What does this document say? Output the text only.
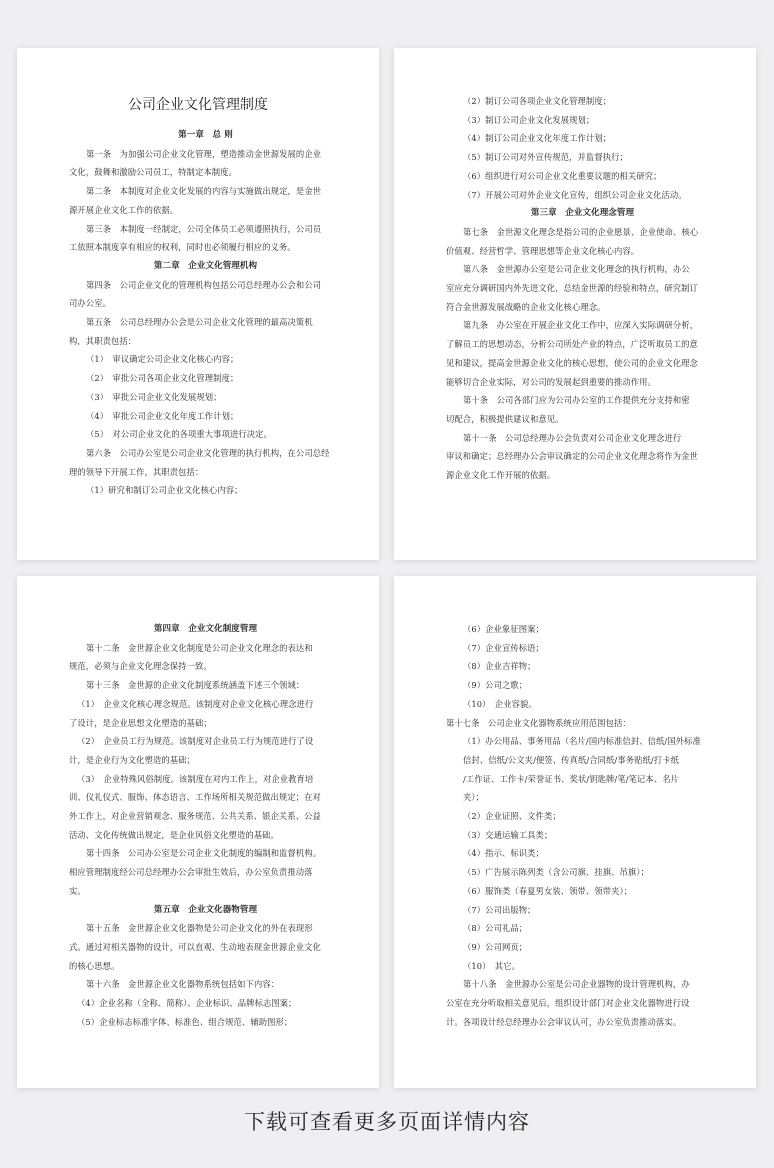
公司企业文化管理制度
第一章　总 则
第一条　为加强公司企业文化管理，塑造推动金世源发展的企业
文化，鼓舞和激励公司员工，特制定本制度。
第二条　本制度对企业文化发展的内容与实施做出规定，是金世
源开展企业文化工作的依据。
第三条　本制度一经制定，公司全体员工必须遵照执行，公司员
工依照本制度享有相应的权利，同时也必须履行相应的义务。
第二章　企业文化管理机构
第四条　公司企业文化的管理机构包括公司总经理办公会和公司
司办公室。
第五条　公司总经理办公会是公司企业文化管理的最高决策机
构，其职责包括：
（1）　审议确定公司企业文化核心内容；
（2）　审批公司各项企业文化管理制度；
（3）　审批公司企业文化发展规划；
（4）　审批公司企业文化年度工作计划；
（5）　对公司企业文化的各项重大事项进行决定。
第六条　公司办公室是公司企业文化管理的执行机构，在公司总经
理的领导下开展工作，其职责包括：
（1）研究和制订公司企业文化核心内容；
（2）制订公司各项企业文化管理制度；
（3）制订公司企业文化发展规划；
（4）制订公司企业文化年度工作计划；
（5）制订公司对外宣传规范，并监督执行；
（6）组织进行对公司企业文化重要议题的相关研究；
（7）开展公司对外企业文化宣传，组织公司企业文化活动。
第三章　企业文化理念管理
第七条　金世源文化理念是指公司的企业愿景、企业使命、核心
价值观、经营哲学、管理思想等企业文化核心内容。
第八条　金世源办公室是公司企业文化理念的执行机构，办公
室应充分调研国内外先进文化，总结金世源的经验和特点，研究制订
符合金世源发展战略的企业文化核心理念。
第九条　办公室在开展企业文化工作中，应深入实际调研分析，
了解员工的思想动态，分析公司所处产业的特点，广泛听取员工的意
见和建议，提高金世源企业文化的核心思想，使公司的企业文化理念
能够切合企业实际，对公司的发展起到重要的推动作用。
第十条　公司各部门应为公司办公室的工作提供充分支持和密
切配合，积极提供建议和意见。
第十一条　公司总经理办公会负责对公司企业文化理念进行
审议和确定；总经理办公会审议确定的公司企业文化理念将作为金世
源企业文化工作开展的依据。
第四章　企业文化制度管理
第十二条　金世源企业文化制度是公司企业文化理念的表达和
规范，必须与企业文化理念保持一致。
第十三条　金世源的企业文化制度系统涵盖下述三个领域：
（1）　企业文化核心理念规范。该制度对企业文化核心理念进行
了设计，是企业思想文化塑造的基础；
（2）　企业员工行为规范。该制度对企业员工行为规范进行了设
计，是企业行为文化塑造的基础；
（3）　企业特殊风俗制度。该制度在对内工作上，对企业教育培
训、仪礼仪式、服饰、体态语言、工作场所相关规范做出规定；在对
外工作上，对企业营销观念、服务规范、公共关系、银企关系、公益
活动、文化传统做出规定，是企业风俗文化塑造的基础。
第十四条　公司办公室是公司企业文化制度的编制和监督机构。
相应管理制度经公司总经理办公会审批生效后，办公室负责推动落
实。
第五章　企业文化器物管理
第十五条　金世源企业文化器物是公司企业文化的外在表现形
式。通过对相关器物的设计，可以直观、生动地表现金世源企业文化
的核心思想。
第十六条　金世源企业文化器物系统包括如下内容：
（4）企业名称（全称、简称）、企业标识、品牌标志图案；
（5）企业标志标准字体、标准色、组合规范、辅助图形；
（6）企业象征图案；
（7）企业宣传标语；
（8）企业吉祥物；
（9）公司之歌；
（10）　企业容貌。
第十七条　公司企业文化器物系统应用范围包括：
（1）办公用品、事务用品（名片/国内标准信封、信纸/国外标准
信封、信纸/公文夹/便签、传真纸/合同纸/事务贴纸/打卡纸
/工作证、工作卡/荣誉证书、奖状/钥匙牌/笔/笔记本、名片
夹）；
（2）企业证照、文件类；
（3）交通运输工具类；
（4）指示、标识类；
（5）广告展示陈列类（含公司旗、挂旗、吊旗）；
（6）服饰类（春夏男女装、领带、领带夹）；
（7）公司出版物；
（8）公司礼品；
（9）公司网页；
（10）　其它。
第十八条　金世源办公室是公司企业器物的设计管理机构，办
公室在充分听取相关意见后，组织设计部门对企业文化器物进行设
计。各项设计经总经理办公会审议认可，办公室负责推动落实。
下载可查看更多页面详情内容
